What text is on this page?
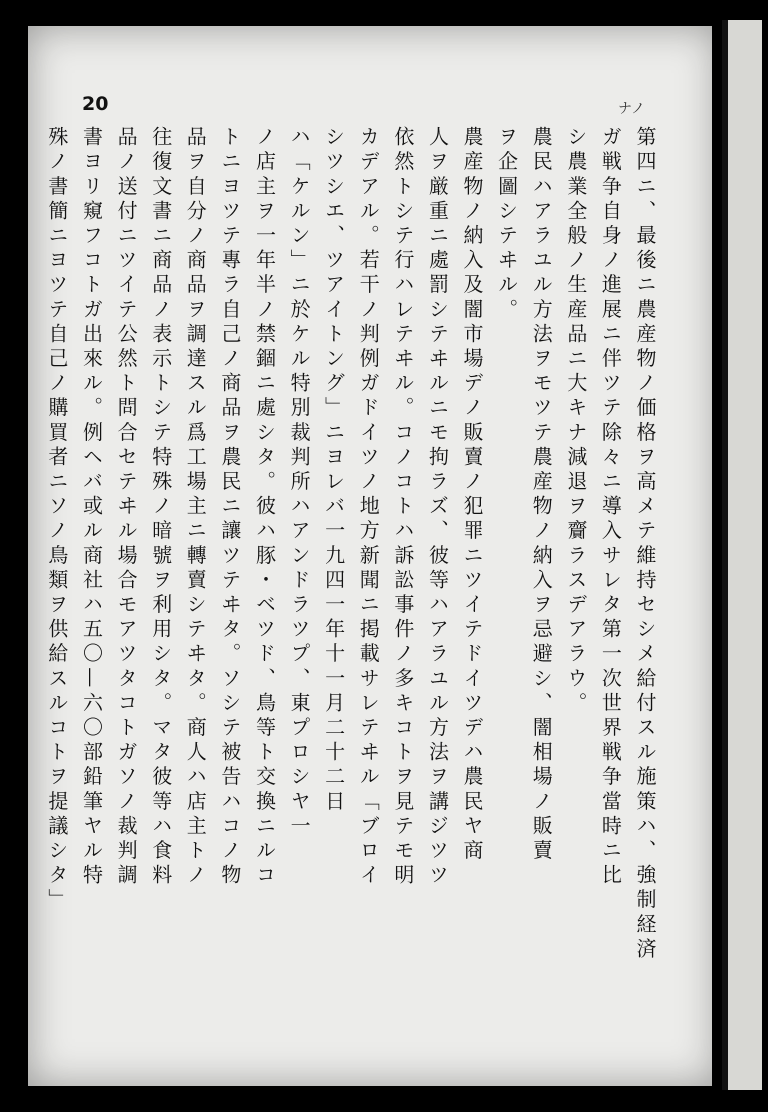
20	ナノ

第四ニ、最後ニ農産物ノ価格ヲ高メテ維持セシメ給付スル施策ハ、強制経済

ガ戦争自身ノ進展ニ伴ツテ除々ニ導入サレタ第一次世界戦争當時ニ比

シ農業全般ノ生産品ニ大キナ減退ヲ齎ラスデアラウ。

農民ハアラユル方法ヲモツテ農産物ノ納入ヲ忌避シ、闇相場ノ販賣

ヲ企圖シテヰル。

農産物ノ納入及闇市場デノ販賣ノ犯罪ニツイテドイツデハ農民ヤ商

人ヲ厳重ニ處罰シテヰルニモ拘ラズ、彼等ハアラユル方法ヲ講ジツツ

依然トシテ行ハレテヰル。コノコトハ訴訟事件ノ多キコトヲ見テモ明

カデアル。若干ノ判例ガドイツノ地方新聞ニ掲載サレテヰル「ブロイ

シツシエ、ツアイトング」ニヨレバ一九四一年十一月二十二日

ハ「ケルン」ニ於ケル特別裁判所ハアンドラツプ、東プロシヤ一

ノ店主ヲ一年半ノ禁錮ニ處シタ。彼ハ豚・ベツド、鳥等ト交換ニルコ

トニヨツテ專ラ自己ノ商品ヲ農民ニ讓ツテヰタ。ソシテ被告ハコノ物

品ヲ自分ノ商品ヲ調達スル爲工場主ニ轉賣シテヰタ。商人ハ店主トノ

往復文書ニ商品ノ表示トシテ特殊ノ暗號ヲ利用シタ。マタ彼等ハ食料

品ノ送付ニツイテ公然ト問合セテヰル場合モアツタコトガソノ裁判調

書ヨリ窺フコトガ出來ル。例ヘバ或ル商社ハ五〇—六〇部鉛筆ヤル特

殊ノ書簡ニヨツテ自己ノ購買者ニソノ鳥類ヲ供給スルコトヲ提議シタ」
